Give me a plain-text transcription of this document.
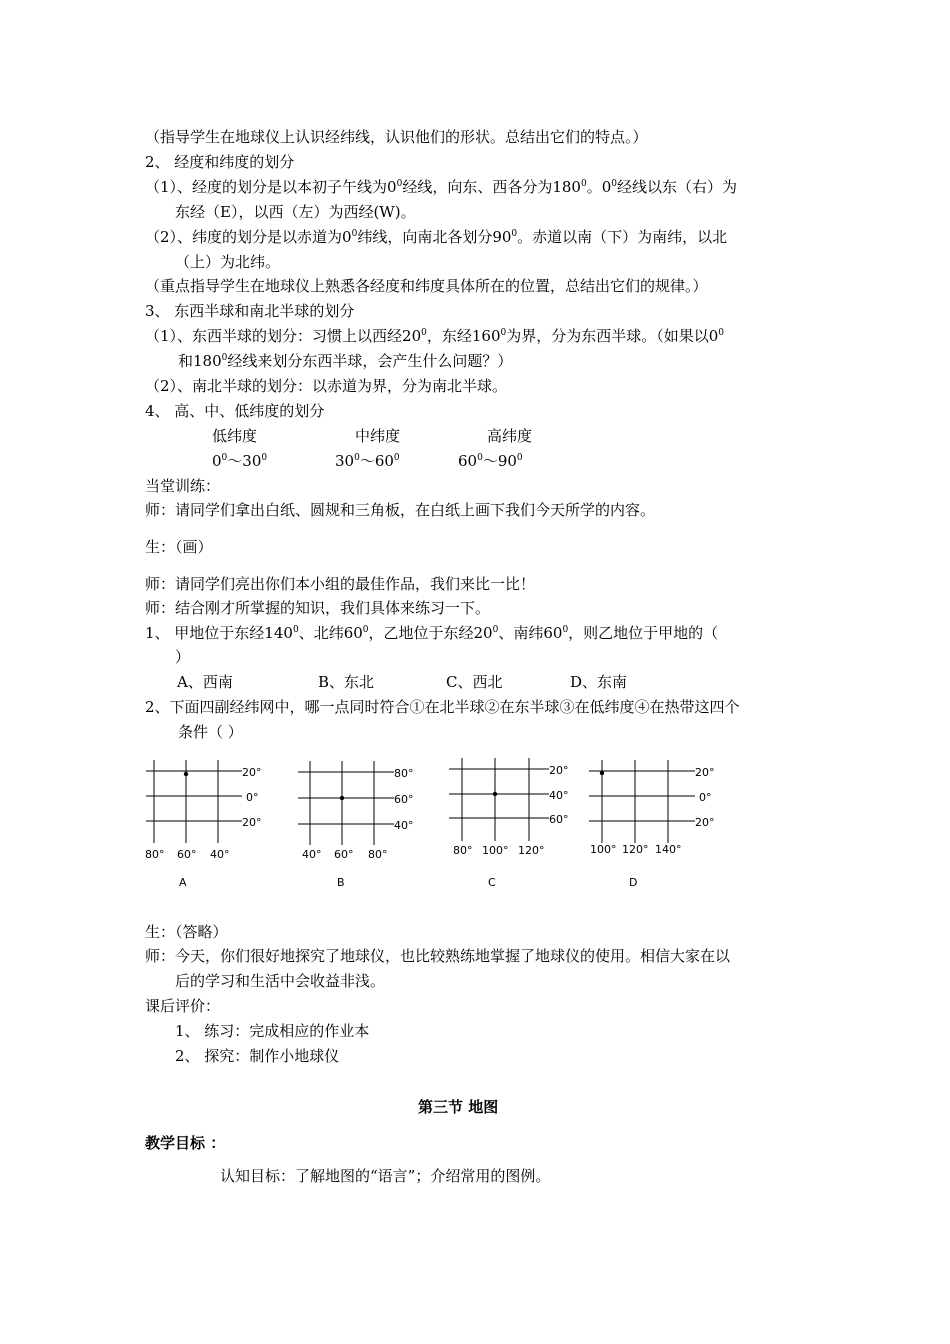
（指导学生在地球仪上认识经纬线，认识他们的形状。总结出它们的特点。）
2、 经度和纬度的划分
（1）、经度的划分是以本初子午线为$0^0$经线，向东、西各分为$180^0$。$0^0$经线以东（右）为
东经（E），以西（左）为西经(W)。
（2）、纬度的划分是以赤道为$0^0$纬线，向南北各划分$90^0$。赤道以南（下）为南纬，以北
（上）为北纬。
（重点指导学生在地球仪上熟悉各经度和纬度具体所在的位置，总结出它们的规律。）
3、 东西半球和南北半球的划分
（1）、东西半球的划分：习惯上以西经$20^0$，东经$160^0$为界，分为东西半球。（如果以$0^0$
和$180^0$经线来划分东西半球，会产生什么问题？）
（2）、南北半球的划分：以赤道为界，分为南北半球。
4、 高、中、低纬度的划分
低纬度	中纬度	高纬度
$0^0\sim 30^0$	$30^0\sim 60^0$	$60^0\sim 90^0$
当堂训练：
师：请同学们拿出白纸、圆规和三角板，在白纸上画下我们今天所学的内容。
生：（画）
师：请同学们亮出你们本小组的最佳作品，我们来比一比！
师：结合刚才所掌握的知识，我们具体来练习一下。
1、 甲地位于东经$140^0$、北纬$60^0$，乙地位于东经$20^0$、南纬$60^0$，则乙地位于甲地的（
）
A、西南	B、东北	C、西北	D、东南
2、下面四副经纬网中，哪一点同时符合①在北半球②在东半球③在低纬度④在热带这四个
条件（ ）
20°
0°
20°
80° 60° 40°
A
80°
60°
40°
40° 60° 80°
B
20°
40°
60°
80° 100° 120°
C
20°
0°
20°
100° 120° 140°
D
生：（答略）
师：今天，你们很好地探究了地球仪，也比较熟练地掌握了地球仪的使用。相信大家在以
后的学习和生活中会收益非浅。
课后评价：
1、 练习：完成相应的作业本
2、 探究：制作小地球仪
第三节 地图
教学目标 ：
认知目标：了解地图的“语言”；介绍常用的图例。
